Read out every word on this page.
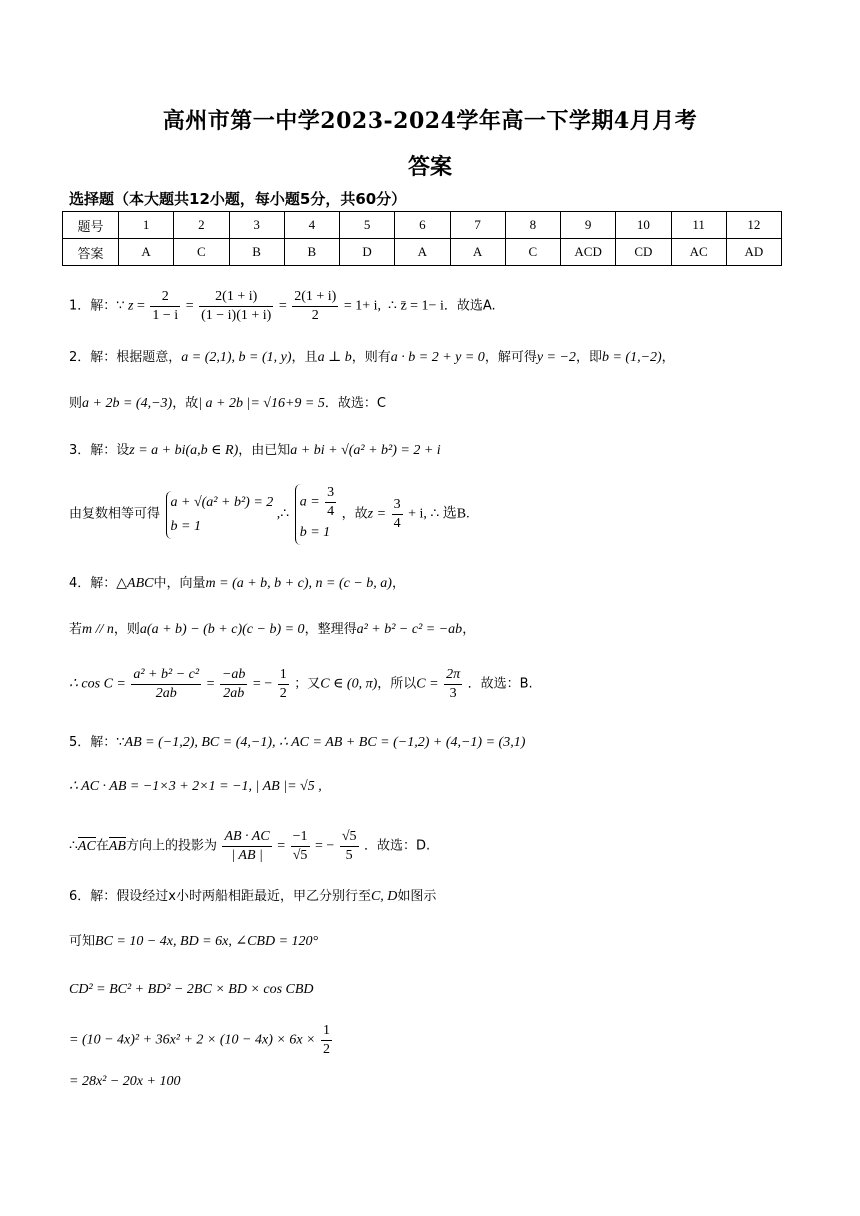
高州市第一中学2023-2024学年高一下学期4月月考
答案
选择题（本大题共12小题，每小题5分，共60分）
题号	1	2	3	4	5	6	7	8	9	10	11	12
答案	A	C	B	B	D	A	A	C	ACD	CD	AC	AD
1．解：∵ $z = \frac{2}{1 - i} = \frac{2(1 + i)}{(1 - i)(1 + i)} = \frac{2(1 + i)}{2} = 1+ i$, ∴ z̄ = 1− i．故选A.
2．解：根据题意，a = (2,1), b = (1, y)，且a ⊥ b，则有a · b = 2 + y = 0，解可得y = −2，即b = (1,−2)，
则a + 2b = (4,−3)，故| a + 2b |= √16+9 = 5．故选：C
3．解：设z = a + bi(a,b ∈ R)，由已知a + bi + √(a² + b²) = 2 + i
由复数相等可得
a + √(a² + b²) = 2
b = 1
,∴
$a = \frac{3}{4}$
b = 1
，故$z = \frac{3}{4} + i$, ∴ 选B.
4．解：△ABC中，向量m = (a + b, b + c), n = (c − b, a)，
若m // n，则a(a + b) − (b + c)(c − b) = 0，整理得a² + b² − c² = −ab，
∴ $\cos C = \frac{\text{a² + b² − c²}}{2ab} = \frac{-ab}{2ab}$ = − $\frac{1}{2}$ ；又C ∈ (0, π)，所以$C = \frac{2\pi}{3}$ ．故选：B.
5．解：∵AB = (−1,2), BC = (4,−1), ∴ AC = AB + BC = (−1,2) + (4,−1) = (3,1)
∴ AC · AB = −1×3 + 2×1 = −1, | AB |= √5 ,
∴AC在AB方向上的投影为 $\frac{AB \cdot AC}{| AB |} = \frac{-1}{√5}$ = − $\frac{√5}{5}$ ．故选：D.
6．解：假设经过x小时两船相距最近，甲乙分别行至C, D如图示
可知BC = 10 − 4x, BD = 6x, ∠CBD = 120°
CD² = BC² + BD² − 2BC × BD × cos CBD
= $(10 - 4x)^2 + 36x^2 + 2 \times (10 - 4x) \times 6x \times \frac{1}{2}$
= 28x² − 20x + 100
